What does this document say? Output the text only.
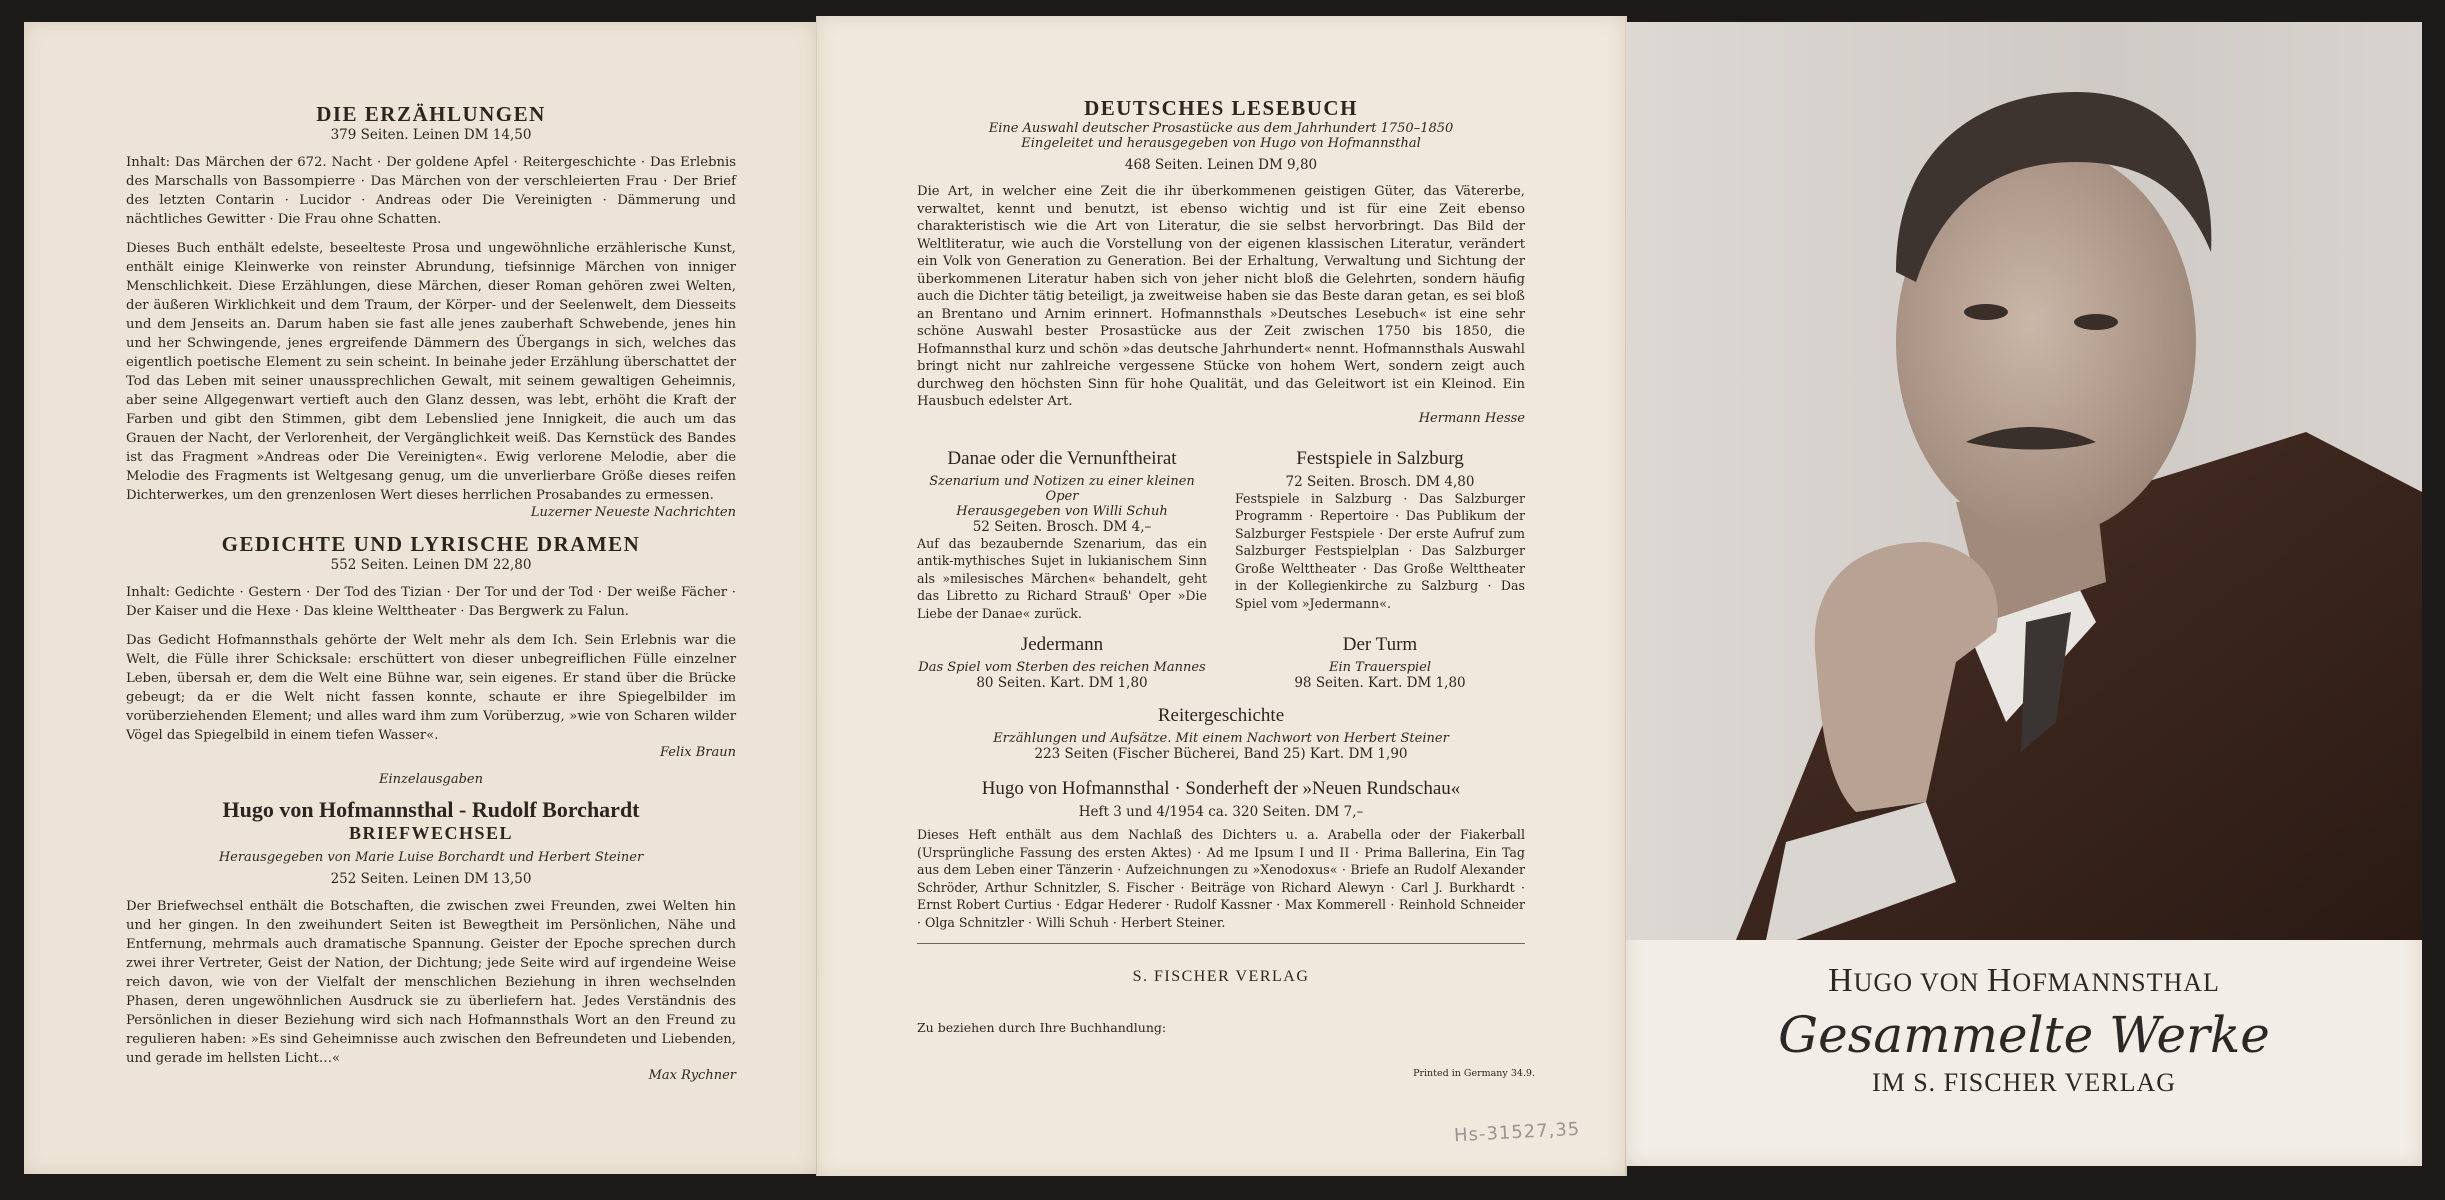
DIE ERZÄHLUNGEN

379 Seiten. Leinen DM 14,50

Inhalt: Das Märchen der 672. Nacht · Der goldene Apfel · Reitergeschichte · Das Erlebnis des Marschalls von Bassompierre · Das Märchen von der verschleierten Frau · Der Brief des letzten Contarin · Lucidor · Andreas oder Die Vereinigten · Dämmerung und nächtliches Gewitter · Die Frau ohne Schatten.

Dieses Buch enthält edelste, beseeltestе Prosa und ungewöhnliche erzählerische Kunst, enthält einige Kleinwerke von reinster Abrundung, tiefsinnige Märchen von inniger Menschlichkeit. Diese Erzählungen, diese Märchen, dieser Roman gehören zwei Welten, der äußeren Wirklichkeit und dem Traum, der Körper- und der Seelenwelt, dem Diesseits und dem Jenseits an. Darum haben sie fast alle jenes zauberhaft Schwebende, jenes hin und her Schwingende, jenes ergreifende Dämmern des Übergangs in sich, welches das eigentlich poetische Element zu sein scheint. In beinahe jeder Erzählung überschattet der Tod das Leben mit seiner unausspreсhlichen Gewalt, mit seinem gewaltigen Geheimnis, aber seine Allgegenwart vertieft auch den Glanz dessen, was lebt, erhöht die Kraft der Farben und gibt den Stimmen, gibt dem Lebenslied jene Innigkeit, die auch um das Grauen der Nacht, der Verlorenheit, der Vergänglichkeit weiß. Das Kernstück des Bandes ist das Fragment »Andreas oder Die Vereinigten«. Ewig verlorene Melodie, aber die Melodie des Fragments ist Weltgesang genug, um die unverlierbare Größe dieses reifen Dichterwerkes, um den grenzenlosen Wert dieses herrlichen Prosabandes zu ermessen.

Luzerner Neueste Nachrichten

GEDICHTE UND LYRISCHE DRAMEN

552 Seiten. Leinen DM 22,80

Inhalt: Gedichte · Gestern · Der Tod des Tizian · Der Tor und der Tod · Der weiße Fächer · Der Kaiser und die Hexe · Das kleine Welttheater · Das Bergwerk zu Falun.

Das Gedicht Hofmannsthals gehörte der Welt mehr als dem Ich. Sein Erlebnis war die Welt, die Fülle ihrer Schicksale: erschüttert von dieser unbegreiflichen Fülle einzelner Leben, übersah er, dem die Welt eine Bühne war, sein eigenes. Er stand über die Brücke gebeugt; da er die Welt nicht fassen konnte, schaute er ihre Spiegelbilder im vorüberziehenden Element; und alles ward ihm zum Vorüberzug, »wie von Scharen wilder Vögel das Spiegelbild in einem tiefen Wasser«.

Felix Braun

Einzelausgaben

Hugo von Hofmannsthal - Rudolf Borchardt
BRIEFWECHSEL

Herausgegeben von Marie Luise Borchardt und Herbert Steiner

252 Seiten. Leinen DM 13,50

Der Briefwechsel enthält die Botschaften, die zwischen zwei Freunden, zwei Welten hin und her gingen. In den zweihundert Seiten ist Bewegtheit im Persönlichen, Nähe und Entfernung, mehrmals auch dramatische Spannung. Geister der Epoche sprechen durch zwei ihrer Vertreter, Geist der Nation, der Dichtung; jede Seite wird auf irgendeine Weise reich davon, wie von der Vielfalt der menschlichen Beziehung in ihren wechselnden Phasen, deren ungewöhnlichen Ausdruck sie zu überliefern hat. Jedes Verständnis des Persönlichen in dieser Beziehung wird sich nach Hofmannsthals Wort an den Freund zu regulieren haben: »Es sind Geheimnisse auch zwischen den Befreundeten und Liebenden, und gerade im hellsten Licht…«

Max Rychner

DEUTSCHES LESEBUCH

Eine Auswahl deutscher Prosastücke aus dem Jahrhundert 1750–1850

Eingeleitet und herausgegeben von Hugo von Hofmannsthal

468 Seiten. Leinen DM 9,80

Die Art, in welcher eine Zeit die ihr überkommenen geistigen Güter, das Vätererbe, verwaltet, kennt und benutzt, ist ebenso wichtig und ist für eine Zeit ebenso charakteristisch wie die Art von Literatur, die sie selbst hervorbringt. Das Bild der Weltliteratur, wie auch die Vorstellung von der eigenen klassischen Literatur, verändert ein Volk von Generation zu Generation. Bei der Erhaltung, Verwaltung und Sichtung der überkommenen Literatur haben sich von jeher nicht bloß die Gelehrten, sondern häufig auch die Dichter tätig beteiligt, ja zweitweise haben sie das Beste daran getan, es sei bloß an Brentano und Arnim erinnert. Hofmannsthals »Deutsches Lesebuch« ist eine sehr schöne Auswahl bester Prosastücke aus der Zeit zwischen 1750 bis 1850, die Hofmannsthal kurz und schön »das deutsche Jahrhundert« nennt. Hofmannsthals Auswahl bringt nicht nur zahlreiche vergessene Stücke von hohem Wert, sondern zeigt auch durchweg den höchsten Sinn für hohe Qualität, und das Geleitwort ist ein Kleinod. Ein Hausbuch edelster Art.

Hermann Hesse

Danae oder die Vernunftheirat

Szenarium und Notizen zu einer kleinen Oper

Herausgegeben von Willi Schuh

52 Seiten. Brosch. DM 4,–

Auf das bezaubernde Szenarium, das ein antik-mythisches Sujet in lukianischem Sinn als »milesisches Märchen« behandelt, geht das Libretto zu Richard Strauß' Oper »Die Liebe der Danae« zurück.

Festspiele in Salzburg

72 Seiten. Brosch. DM 4,80

Festspiele in Salzburg · Das Salzburger Programm · Repertoire · Das Publikum der Salzburger Festspiele · Der erste Aufruf zum Salzburger Festspielplan · Das Salzburger Große Welttheater · Das Große Welttheater in der Kollegienkirche zu Salzburg · Das Spiel vom »Jedermann«.

Jedermann

Das Spiel vom Sterben des reichen Mannes

80 Seiten. Kart. DM 1,80

Der Turm

Ein Trauerspiel

98 Seiten. Kart. DM 1,80

Reitergeschichte

Erzählungen und Aufsätze. Mit einem Nachwort von Herbert Steiner

223 Seiten (Fischer Bücherei, Band 25) Kart. DM 1,90

Hugo von Hofmannsthal · Sonderheft der »Neuen Rundschau«

Heft 3 und 4/1954 ca. 320 Seiten. DM 7,–

Dieses Heft enthält aus dem Nachlaß des Dichters u. a. Arabella oder der Fiakerball (Ursprüngliche Fassung des ersten Aktes) · Ad me Ipsum I und II · Prima Ballerina, Ein Tag aus dem Leben einer Tänzerin · Aufzeichnungen zu »Xenodoxus« · Briefe an Rudolf Alexander Schröder, Arthur Schnitzler, S. Fischer · Beiträge von Richard Alewyn · Carl J. Burkhardt · Ernst Robert Curtius · Edgar Hederer · Rudolf Kassner · Max Kommerell · Reinhold Schneider · Olga Schnitzler · Willi Schuh · Herbert Steiner.

S. FISCHER VERLAG

Zu beziehen durch Ihre Buchhandlung:

Printed in Germany 34.9.

HUGO VON HOFMANNSTHAL

Gesammelte Werke

IM S. FISCHER VERLAG

Hs-31527,35
